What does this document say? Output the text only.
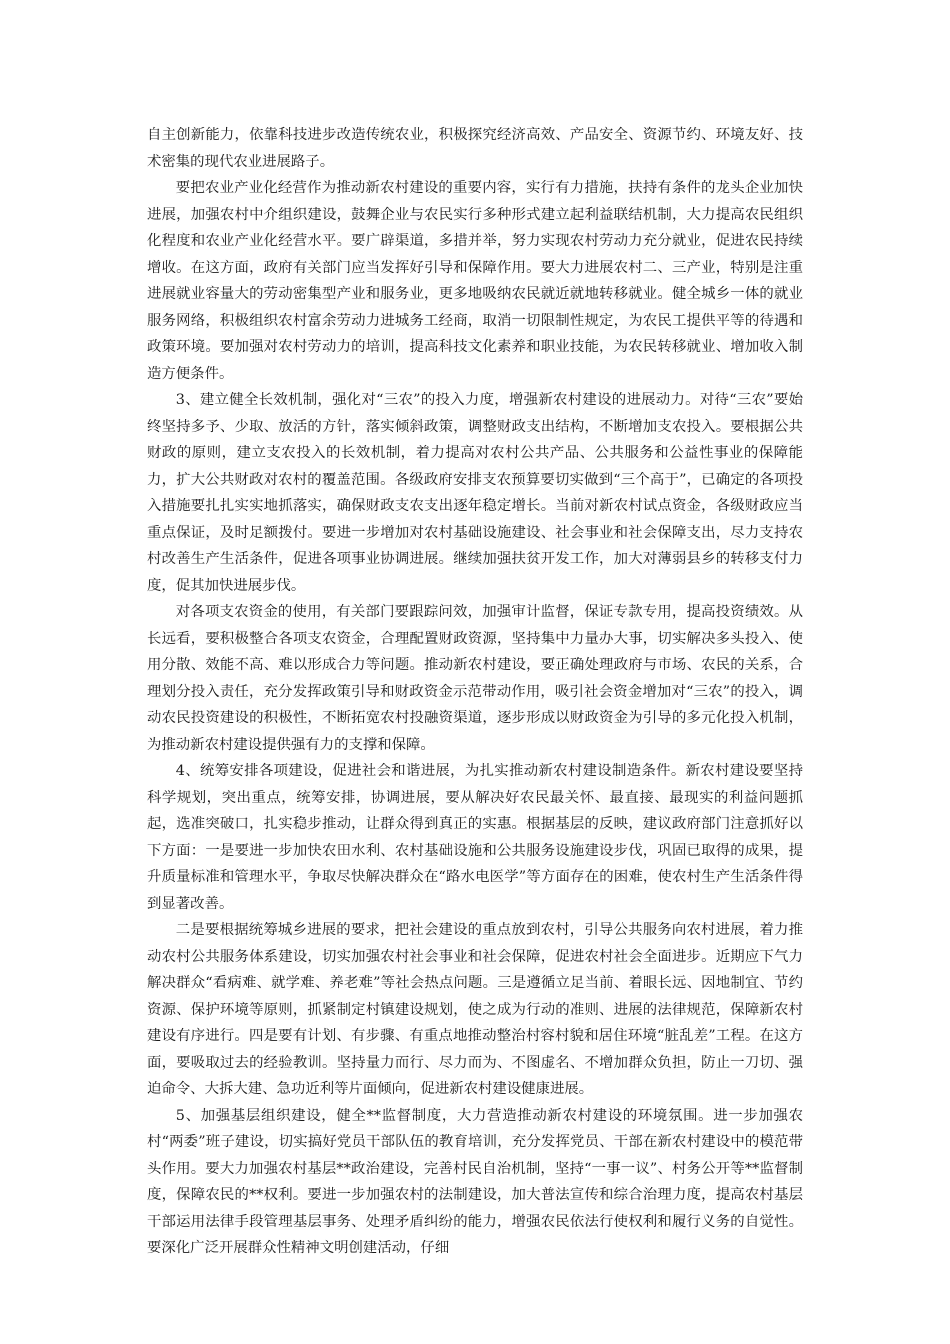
自主创新能力，依靠科技进步改造传统农业，积极探究经济高效、产品安全、资源节约、环境友好、技术密集的现代农业进展路子。

要把农业产业化经营作为推动新农村建设的重要内容，实行有力措施，扶持有条件的龙头企业加快进展，加强农村中介组织建设，鼓舞企业与农民实行多种形式建立起利益联结机制，大力提高农民组织化程度和农业产业化经营水平。要广辟渠道，多措并举，努力实现农村劳动力充分就业，促进农民持续增收。在这方面，政府有关部门应当发挥好引导和保障作用。要大力进展农村二、三产业，特别是注重进展就业容量大的劳动密集型产业和服务业，更多地吸纳农民就近就地转移就业。健全城乡一体的就业服务网络，积极组织农村富余劳动力进城务工经商，取消一切限制性规定，为农民工提供平等的待遇和政策环境。要加强对农村劳动力的培训，提高科技文化素养和职业技能，为农民转移就业、增加收入制造方便条件。

3、建立健全长效机制，强化对“三农”的投入力度，增强新农村建设的进展动力。对待“三农”要始终坚持多予、少取、放活的方针，落实倾斜政策，调整财政支出结构，不断增加支农投入。要根据公共财政的原则，建立支农投入的长效机制，着力提高对农村公共产品、公共服务和公益性事业的保障能力，扩大公共财政对农村的覆盖范围。各级政府安排支农预算要切实做到“三个高于”，已确定的各项投入措施要扎扎实实地抓落实，确保财政支农支出逐年稳定增长。当前对新农村试点资金，各级财政应当重点保证，及时足额拨付。要进一步增加对农村基础设施建设、社会事业和社会保障支出，尽力支持农村改善生产生活条件，促进各项事业协调进展。继续加强扶贫开发工作，加大对薄弱县乡的转移支付力度，促其加快进展步伐。

对各项支农资金的使用，有关部门要跟踪问效，加强审计监督，保证专款专用，提高投资绩效。从长远看，要积极整合各项支农资金，合理配置财政资源，坚持集中力量办大事，切实解决多头投入、使用分散、效能不高、难以形成合力等问题。推动新农村建设，要正确处理政府与市场、农民的关系，合理划分投入责任，充分发挥政策引导和财政资金示范带动作用，吸引社会资金增加对“三农”的投入，调动农民投资建设的积极性，不断拓宽农村投融资渠道，逐步形成以财政资金为引导的多元化投入机制，为推动新农村建设提供强有力的支撑和保障。

4、统筹安排各项建设，促进社会和谐进展，为扎实推动新农村建设制造条件。新农村建设要坚持科学规划，突出重点，统筹安排，协调进展，要从解决好农民最关怀、最直接、最现实的利益问题抓起，选准突破口，扎实稳步推动，让群众得到真正的实惠。根据基层的反映，建议政府部门注意抓好以下方面：一是要进一步加快农田水利、农村基础设施和公共服务设施建设步伐，巩固已取得的成果，提升质量标准和管理水平，争取尽快解决群众在“路水电医学”等方面存在的困难，使农村生产生活条件得到显著改善。

二是要根据统筹城乡进展的要求，把社会建设的重点放到农村，引导公共服务向农村进展，着力推动农村公共服务体系建设，切实加强农村社会事业和社会保障，促进农村社会全面进步。近期应下气力解决群众“看病难、就学难、养老难”等社会热点问题。三是遵循立足当前、着眼长远、因地制宜、节约资源、保护环境等原则，抓紧制定村镇建设规划，使之成为行动的准则、进展的法律规范，保障新农村建设有序进行。四是要有计划、有步骤、有重点地推动整治村容村貌和居住环境“脏乱差”工程。在这方面，要吸取过去的经验教训。坚持量力而行、尽力而为、不图虚名、不增加群众负担，防止一刀切、强迫命令、大拆大建、急功近利等片面倾向，促进新农村建设健康进展。

5、加强基层组织建设，健全**监督制度，大力营造推动新农村建设的环境氛围。进一步加强农村“两委”班子建设，切实搞好党员干部队伍的教育培训，充分发挥党员、干部在新农村建设中的模范带头作用。要大力加强农村基层**政治建设，完善村民自治机制，坚持“一事一议”、村务公开等**监督制度，保障农民的**权利。要进一步加强农村的法制建设，加大普法宣传和综合治理力度，提高农村基层干部运用法律手段管理基层事务、处理矛盾纠纷的能力，增强农民依法行使权利和履行义务的自觉性。要深化广泛开展群众性精神文明创建活动，仔细
